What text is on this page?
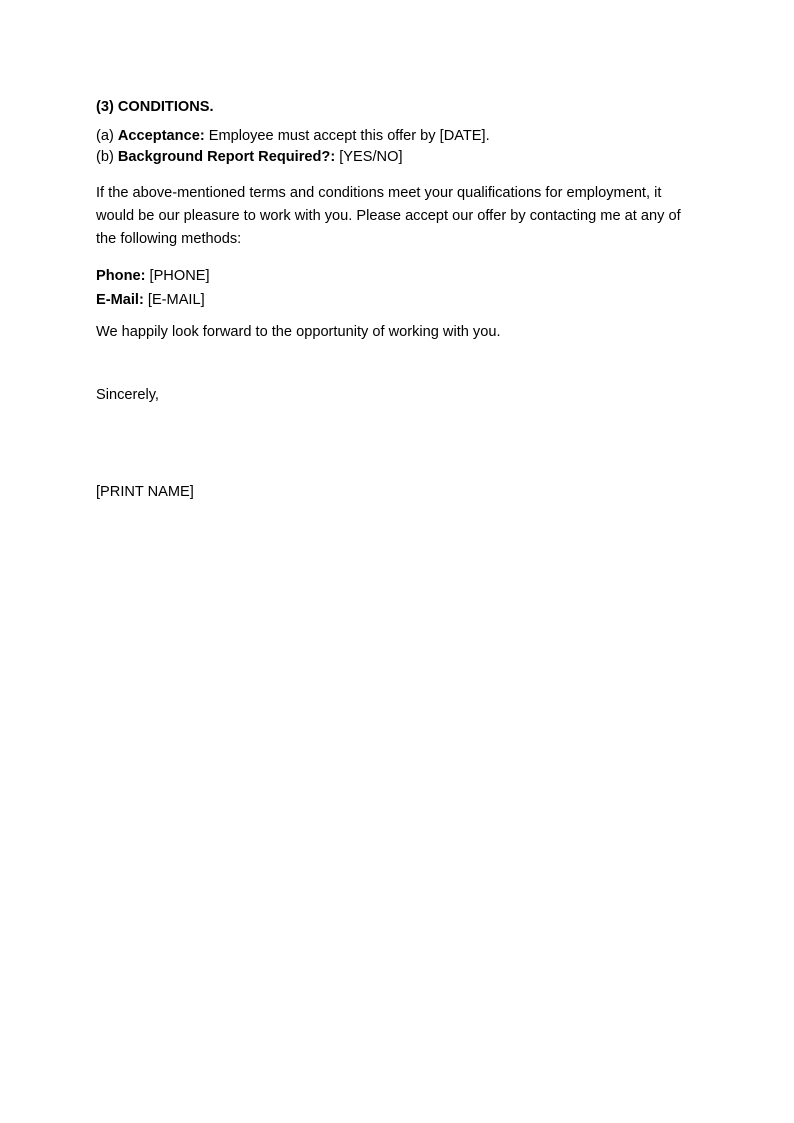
(3) CONDITIONS.
(a) Acceptance: Employee must accept this offer by [DATE].
(b) Background Report Required?: [YES/NO]
If the above-mentioned terms and conditions meet your qualifications for employment, it would be our pleasure to work with you. Please accept our offer by contacting me at any of the following methods:
Phone: [PHONE]
E-Mail: [E-MAIL]
We happily look forward to the opportunity of working with you.
Sincerely,
[PRINT NAME]
